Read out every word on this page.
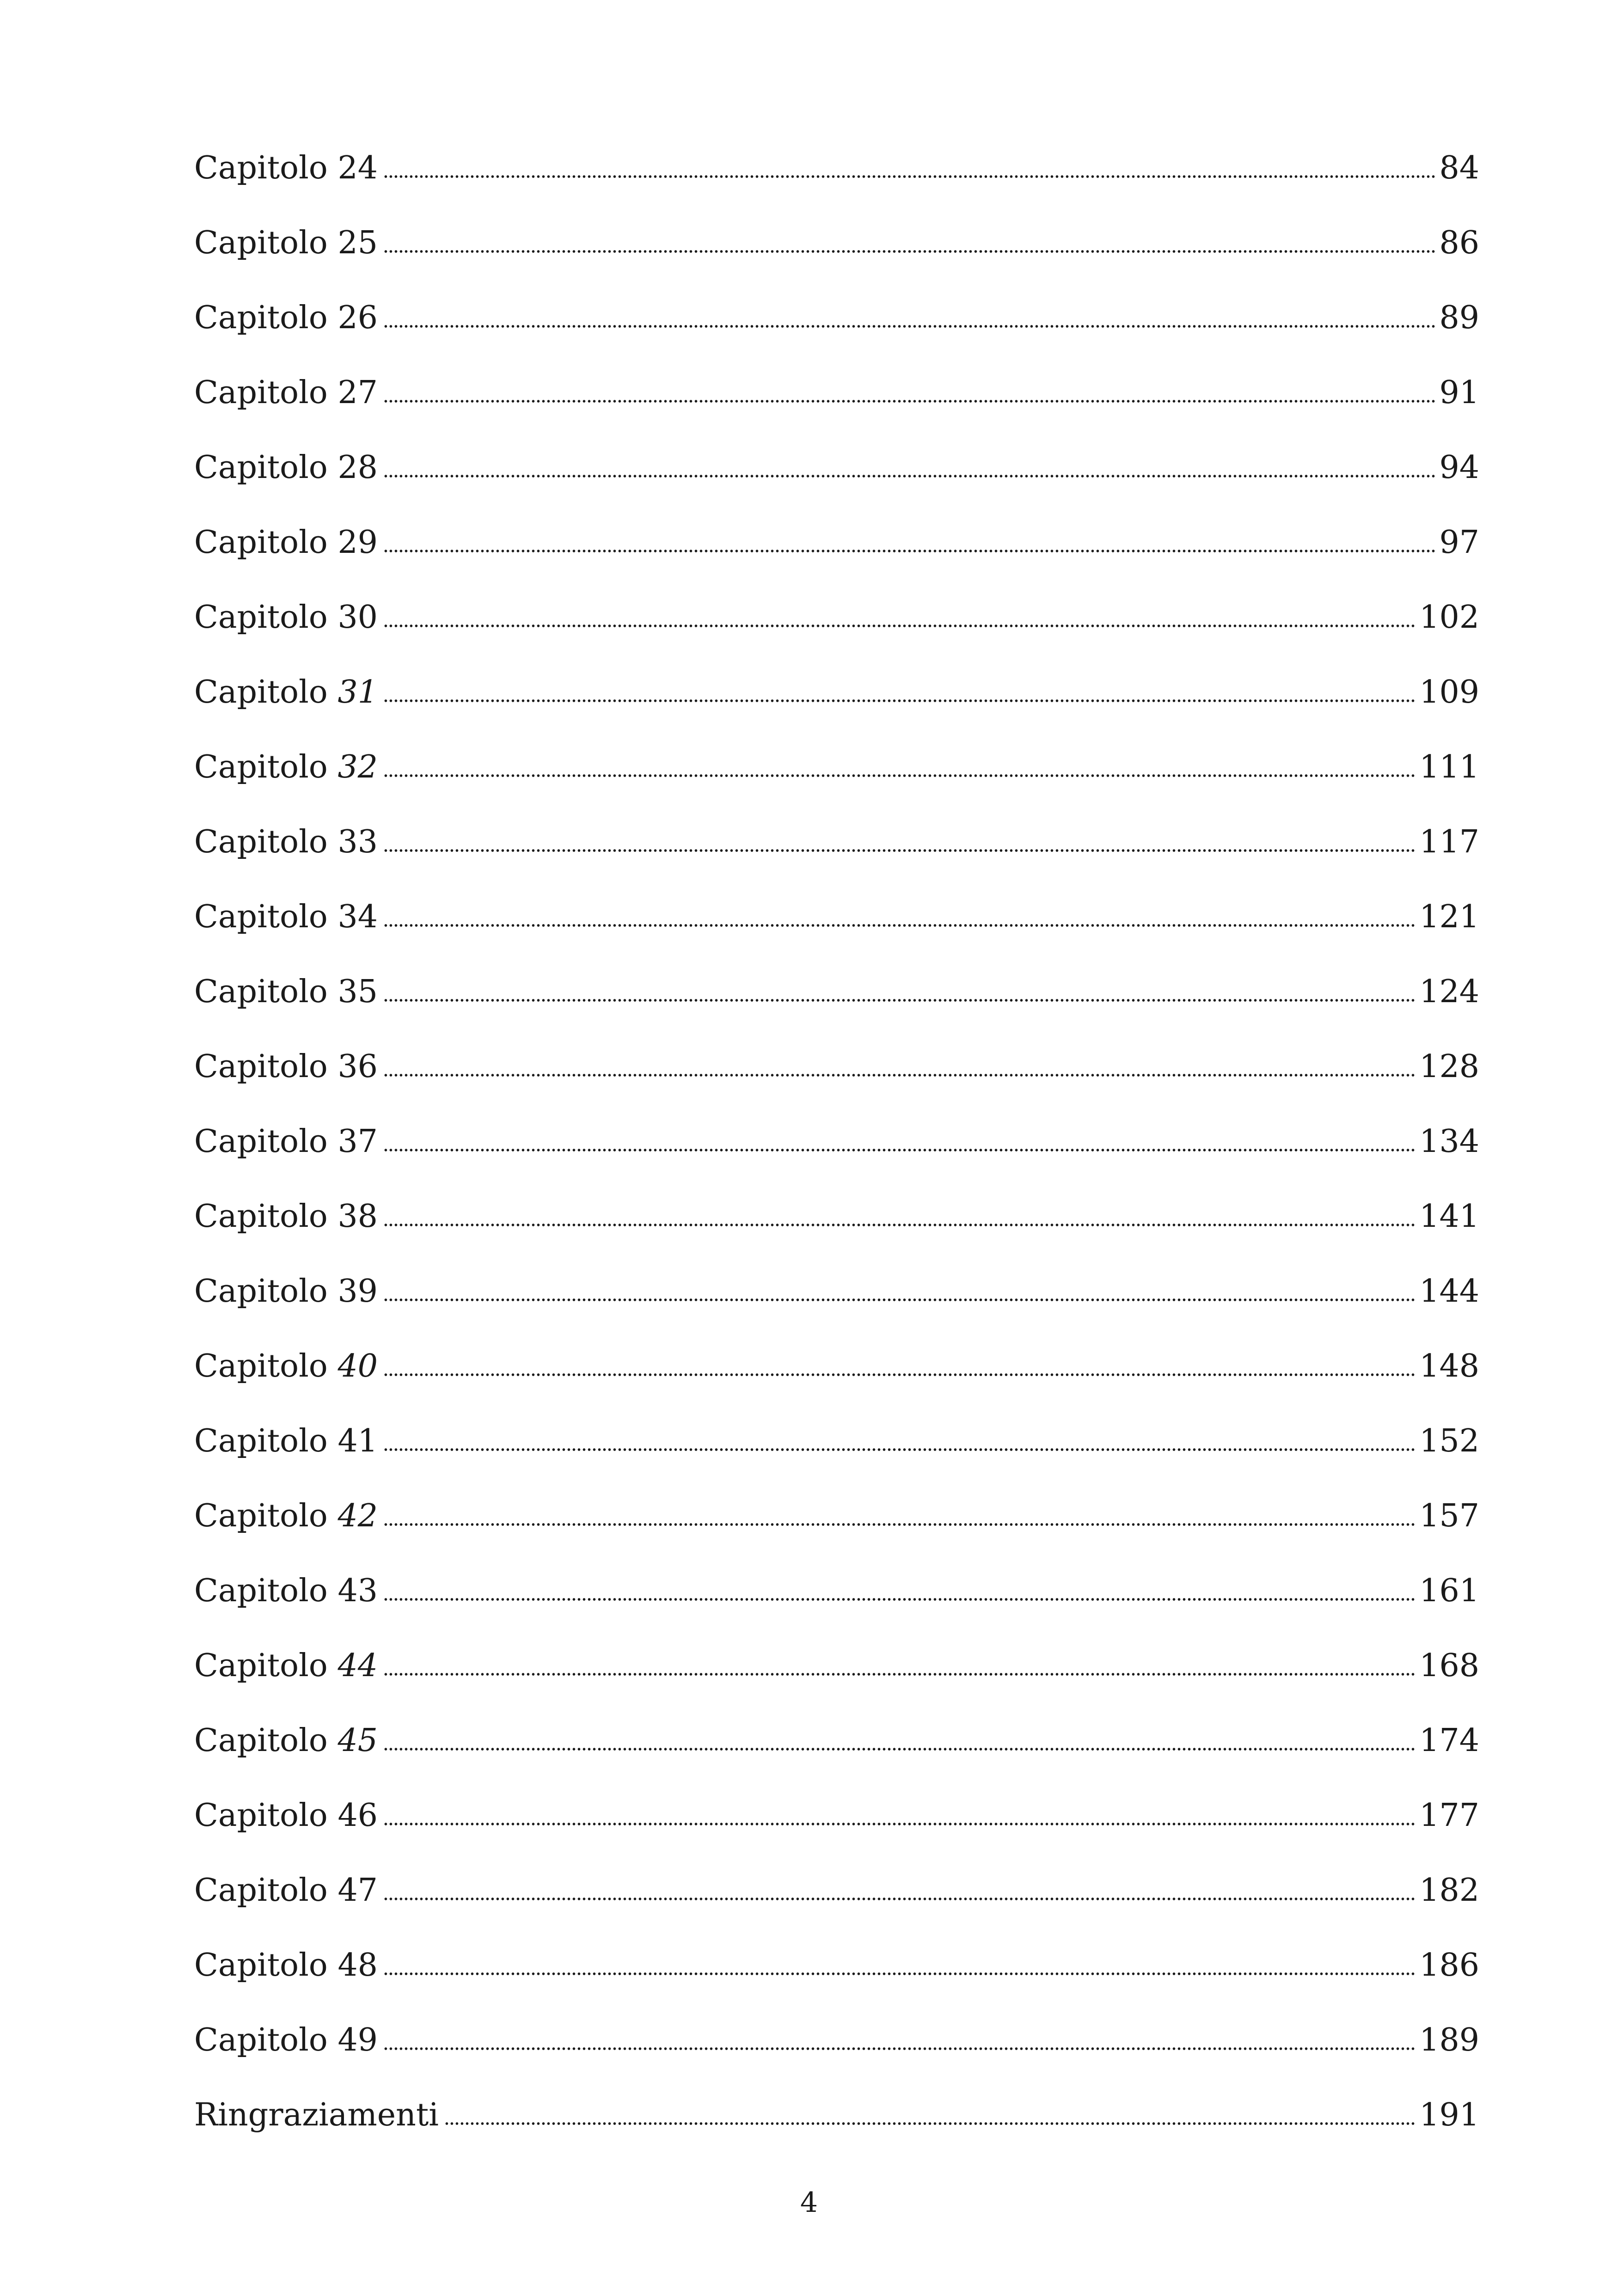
Capitolo 24	84
Capitolo 25	86
Capitolo 26	89
Capitolo 27	91
Capitolo 28	94
Capitolo 29	97
Capitolo 30	102
Capitolo 31	109
Capitolo 32	111
Capitolo 33	117
Capitolo 34	121
Capitolo 35	124
Capitolo 36	128
Capitolo 37	134
Capitolo 38	141
Capitolo 39	144
Capitolo 40	148
Capitolo 41	152
Capitolo 42	157
Capitolo 43	161
Capitolo 44	168
Capitolo 45	174
Capitolo 46	177
Capitolo 47	182
Capitolo 48	186
Capitolo 49	189
Ringraziamenti	191
4
